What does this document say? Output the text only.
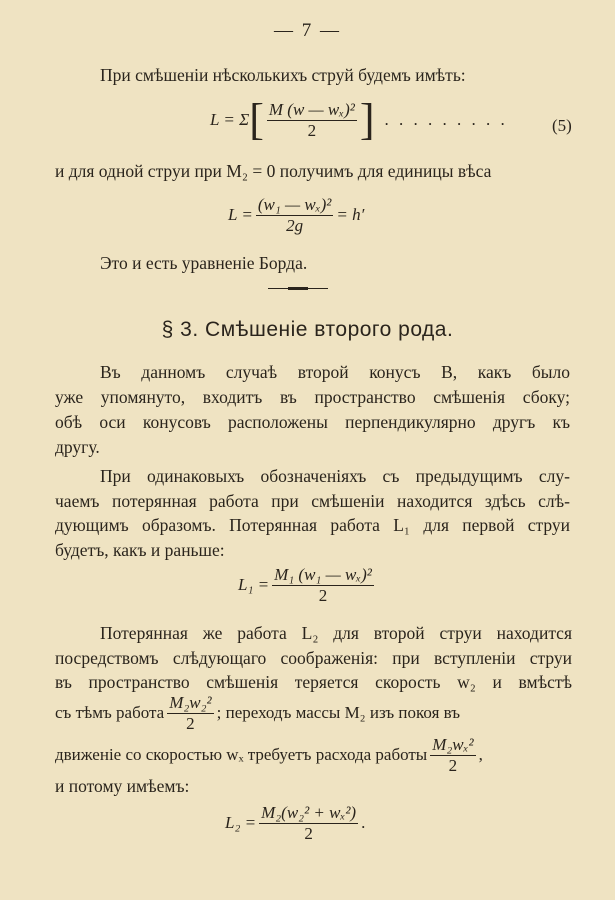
— 7 —
При смѣшеніи нѣсколькихъ струй будемъ имѣть:
L = Σ [ $\frac{\text{M (w — wₓ)²}}{2}$ ] . . . . . . . . .	(5)
и для одной струи при M₂ = 0 получимъ для единицы вѣса
$L = \frac{\text{(w₁ — wₓ)²}}{2g} = h'$
Это и есть уравненіе Борда.
§ 3. Смѣшеніе второго рода.
Въ данномъ случаѣ второй конусъ B, какъ было
уже упомянуто, входитъ въ пространство смѣшенія сбоку;
обѣ оси конусовъ расположены перпендикулярно другъ къ
другу.
При одинаковыхъ обозначеніяхъ съ предыдущимъ слу-
чаемъ потерянная работа при смѣшеніи находится здѣсь слѣ-
дующимъ образомъ. Потерянная работа L₁ для первой струи
будетъ, какъ и раньше:
$L_1 = \frac{\text{M₁ (w₁ — wₓ)²}}{2}$
Потерянная же работа L₂ для второй струи находится
посредствомъ слѣдующаго соображенія: при вступленіи струи
въ пространство смѣшенія теряется скорость w₂ и вмѣстѣ
съ тѣмъ работа $\frac{\text{M₂w₂²}}{2}$ ; переходъ массы M₂ изъ покоя въ
движеніе со скоростью wₓ требуетъ расхода работы $\frac{\text{M₂wₓ²}}{2}$ ,
и потому имѣемъ:
$L_2 = \frac{\text{M₂(w₂² + wₓ²)}}{2}$ .
